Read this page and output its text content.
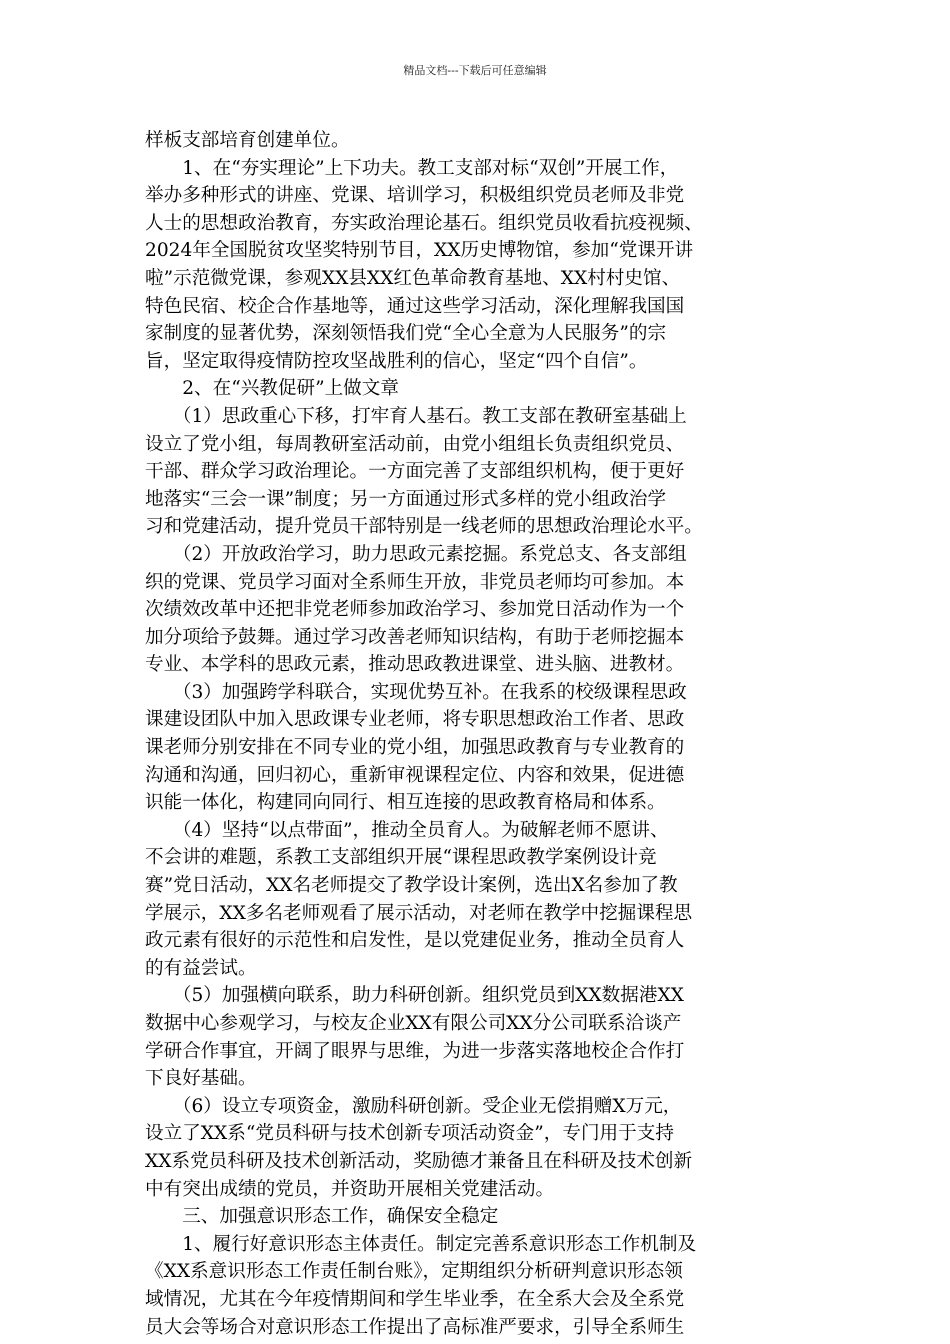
精品文档---下载后可任意编辑
样板支部培育创建单位。
　　1、在“夯实理论”上下功夫。教工支部对标“双创”开展工作，
举办多种形式的讲座、党课、培训学习，积极组织党员老师及非党
人士的思想政治教育，夯实政治理论基石。组织党员收看抗疫视频、
2024年全国脱贫攻坚奖特别节目，XX历史博物馆，参加“党课开讲
啦”示范微党课，参观XX县XX红色革命教育基地、XX村村史馆、
特色民宿、校企合作基地等，通过这些学习活动，深化理解我国国
家制度的显著优势，深刻领悟我们党“全心全意为人民服务”的宗
旨，坚定取得疫情防控攻坚战胜利的信心，坚定“四个自信”。
　　2、在“兴教促研”上做文章
　　（1）思政重心下移，打牢育人基石。教工支部在教研室基础上
设立了党小组，每周教研室活动前，由党小组组长负责组织党员、
干部、群众学习政治理论。一方面完善了支部组织机构，便于更好
地落实“三会一课”制度；另一方面通过形式多样的党小组政治学
习和党建活动，提升党员干部特别是一线老师的思想政治理论水平。
　　（2）开放政治学习，助力思政元素挖掘。系党总支、各支部组
织的党课、党员学习面对全系师生开放，非党员老师均可参加。本
次绩效改革中还把非党老师参加政治学习、参加党日活动作为一个
加分项给予鼓舞。通过学习改善老师知识结构，有助于老师挖掘本
专业、本学科的思政元素，推动思政教进课堂、进头脑、进教材。
　　（3）加强跨学科联合，实现优势互补。在我系的校级课程思政
课建设团队中加入思政课专业老师，将专职思想政治工作者、思政
课老师分别安排在不同专业的党小组，加强思政教育与专业教育的
沟通和沟通，回归初心，重新审视课程定位、内容和效果，促进德
识能一体化，构建同向同行、相互连接的思政教育格局和体系。
　　（4）坚持“以点带面”，推动全员育人。为破解老师不愿讲、
不会讲的难题，系教工支部组织开展“课程思政教学案例设计竞
赛”党日活动，XX名老师提交了教学设计案例，选出X名参加了教
学展示，XX多名老师观看了展示活动，对老师在教学中挖掘课程思
政元素有很好的示范性和启发性，是以党建促业务，推动全员育人
的有益尝试。
　　（5）加强横向联系，助力科研创新。组织党员到XX数据港XX
数据中心参观学习，与校友企业XX有限公司XX分公司联系洽谈产
学研合作事宜，开阔了眼界与思维，为进一步落实落地校企合作打
下良好基础。
　　（6）设立专项资金，激励科研创新。受企业无偿捐赠X万元，
设立了XX系“党员科研与技术创新专项活动资金”，专门用于支持
XX系党员科研及技术创新活动，奖励德才兼备且在科研及技术创新
中有突出成绩的党员，并资助开展相关党建活动。
　　三、加强意识形态工作，确保安全稳定
　　1、履行好意识形态主体责任。制定完善系意识形态工作机制及
《XX系意识形态工作责任制台账》，定期组织分析研判意识形态领
域情况，尤其在今年疫情期间和学生毕业季，在全系大会及全系党
员大会等场合对意识形态工作提出了高标准严要求，引导全系师生
